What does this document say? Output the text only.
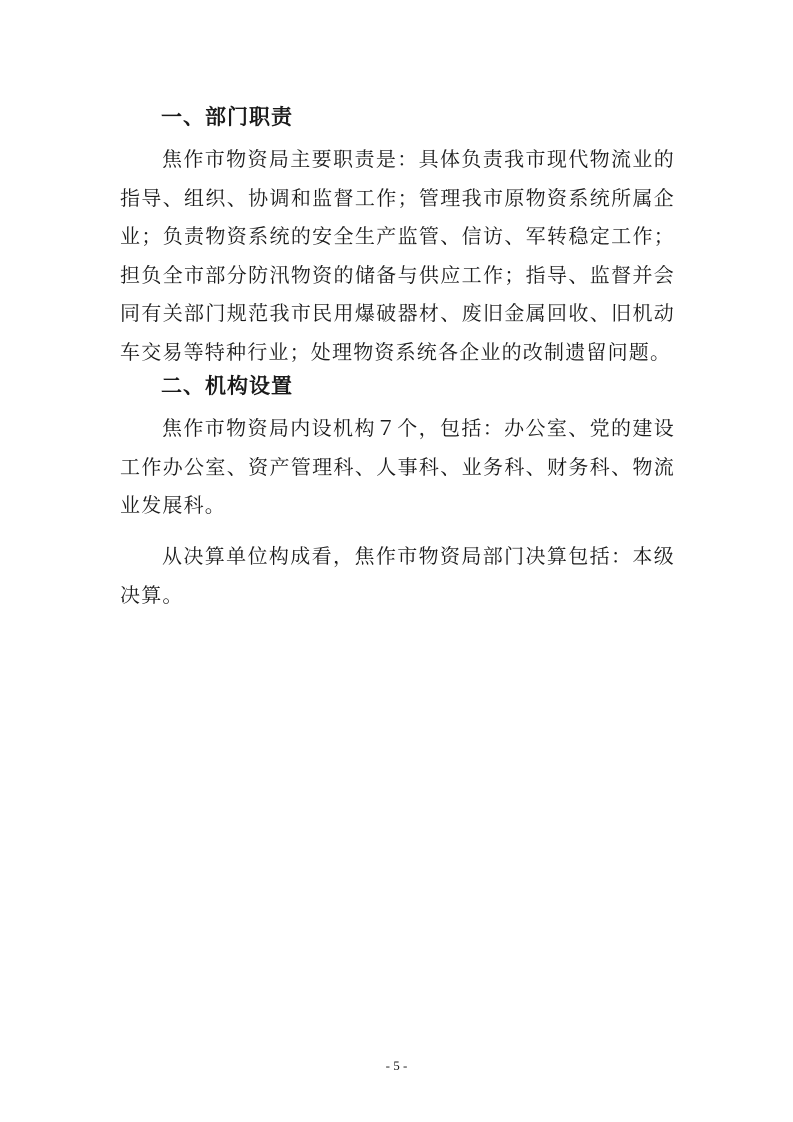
一、部门职责

焦作市物资局主要职责是：具体负责我市现代物流业的指导、组织、协调和监督工作；管理我市原物资系统所属企业；负责物资系统的安全生产监管、信访、军转稳定工作；担负全市部分防汛物资的储备与供应工作；指导、监督并会同有关部门规范我市民用爆破器材、废旧金属回收、旧机动车交易等特种行业；处理物资系统各企业的改制遗留问题。

二、机构设置

焦作市物资局内设机构７个，包括：办公室、党的建设工作办公室、资产管理科、人事科、业务科、财务科、物流业发展科。

从决算单位构成看，焦作市物资局部门决算包括：本级决算。

- 5 -
